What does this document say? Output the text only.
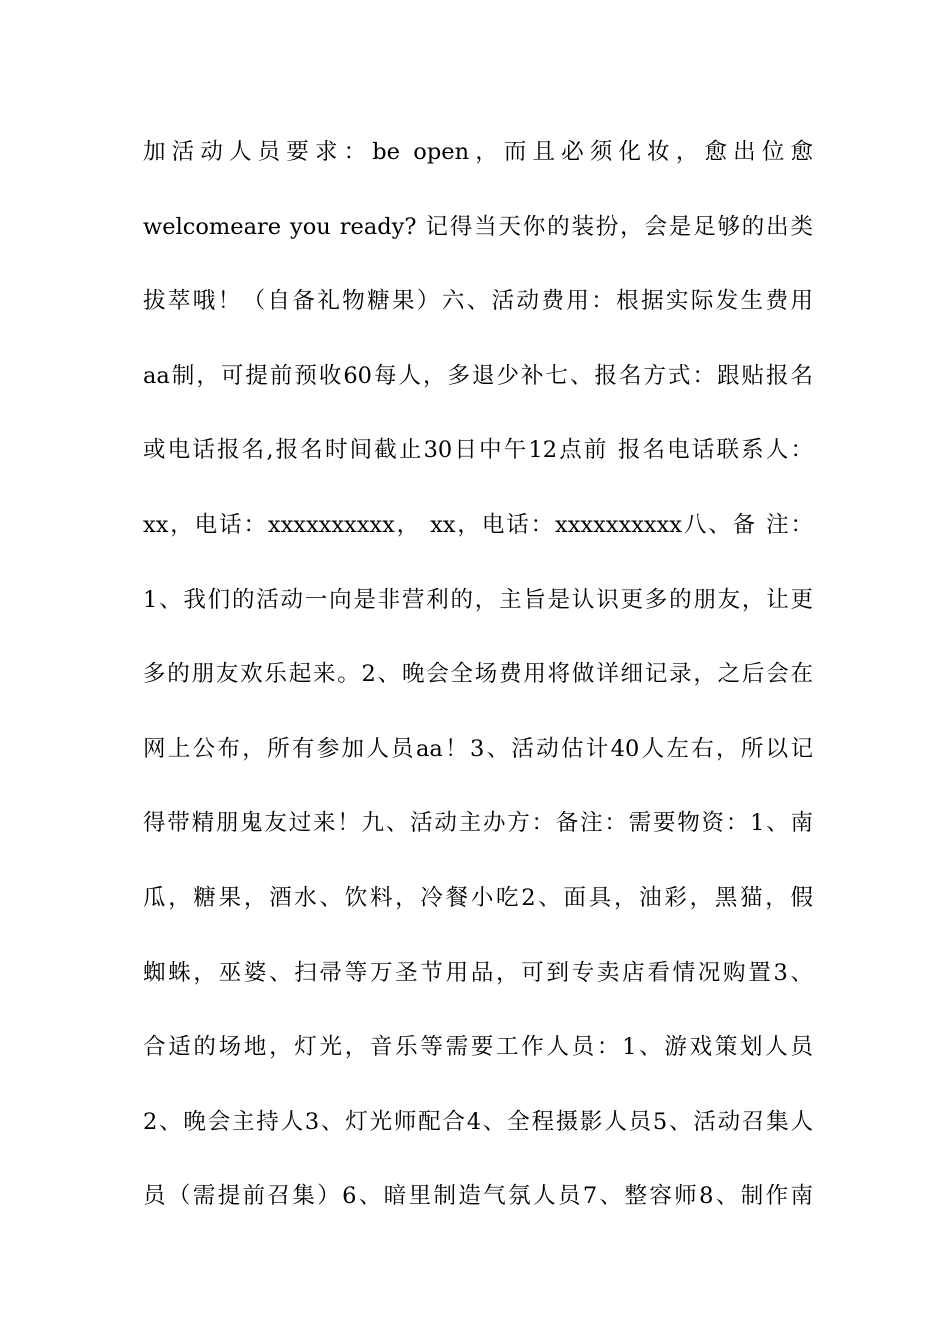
加活动人员要求：be open，而且必须化妆，愈出位愈
welcomeare you ready? 记得当天你的装扮，会是足够的出类
拔萃哦！（自备礼物糖果）六、活动费用：根据实际发生费用
aa制，可提前预收60每人，多退少补七、报名方式：跟贴报名
或电话报名,报名时间截止30日中午12点前 报名电话联系人：
xx，电话：xxxxxxxxxx， xx，电话：xxxxxxxxxx八、备 注：
1、我们的活动一向是非营利的，主旨是认识更多的朋友，让更
多的朋友欢乐起来。2、晚会全场费用将做详细记录，之后会在
网上公布，所有参加人员aa！3、活动估计40人左右，所以记
得带精朋鬼友过来！九、活动主办方：备注：需要物资：1、南
瓜，糖果，酒水、饮料，冷餐小吃2、面具，油彩，黑猫，假
蜘蛛，巫婆、扫帚等万圣节用品，可到专卖店看情况购置3、
合适的场地，灯光，音乐等需要工作人员：1、游戏策划人员
2、晚会主持人3、灯光师配合4、全程摄影人员5、活动召集人
员（需提前召集）6、暗里制造气氛人员7、整容师8、制作南
